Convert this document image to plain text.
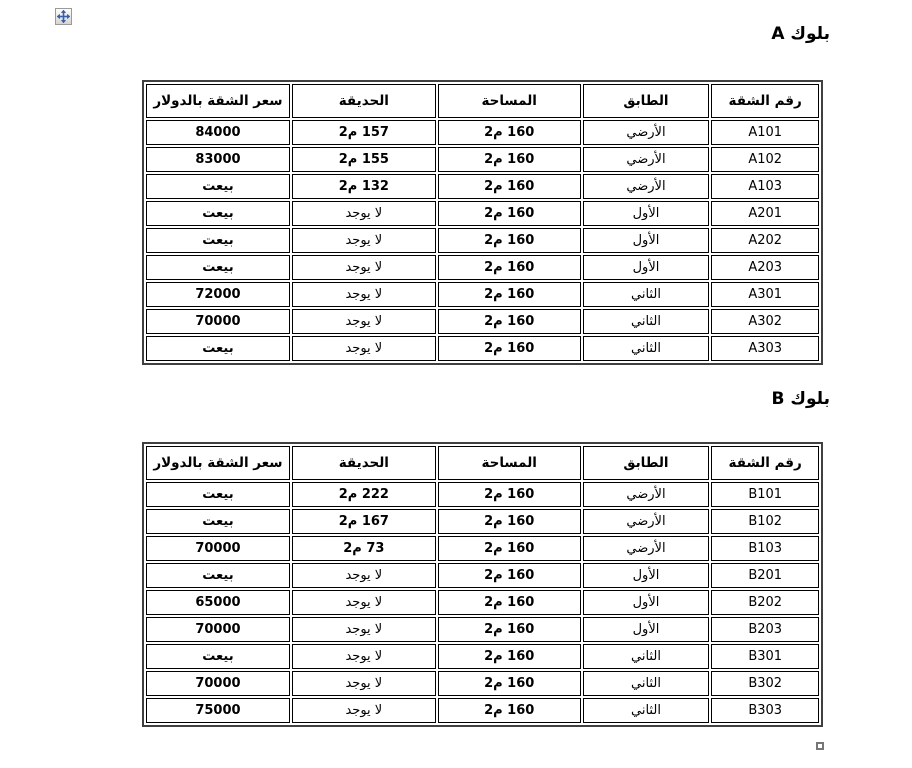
بلوك A
رقم الشقة	الطابق	المساحة	الحديقة	سعر الشقة بالدولار
A101	الأرضي	160 م2	157 م2	84000
A102	الأرضي	160 م2	155 م2	83000
A103	الأرضي	160 م2	132 م2	بيعت
A201	الأول	160 م2	لا يوجد	بيعت
A202	الأول	160 م2	لا يوجد	بيعت
A203	الأول	160 م2	لا يوجد	بيعت
A301	الثاني	160 م2	لا يوجد	72000
A302	الثاني	160 م2	لا يوجد	70000
A303	الثاني	160 م2	لا يوجد	بيعت
بلوك B
رقم الشقة	الطابق	المساحة	الحديقة	سعر الشقة بالدولار
B101	الأرضي	160 م2	222 م2	بيعت
B102	الأرضي	160 م2	167 م2	بيعت
B103	الأرضي	160 م2	73 م2	70000
B201	الأول	160 م2	لا يوجد	بيعت
B202	الأول	160 م2	لا يوجد	65000
B203	الأول	160 م2	لا يوجد	70000
B301	الثاني	160 م2	لا يوجد	بيعت
B302	الثاني	160 م2	لا يوجد	70000
B303	الثاني	160 م2	لا يوجد	75000
